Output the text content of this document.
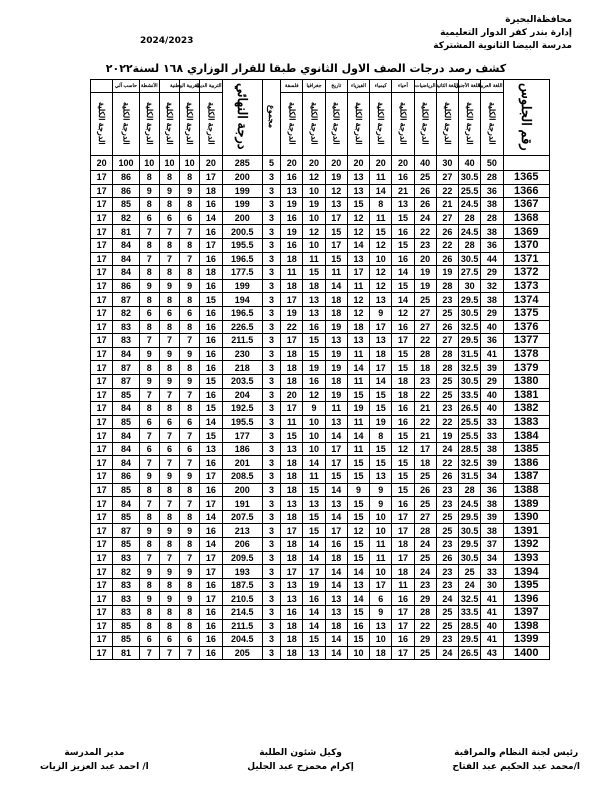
محافظةالبحيرة
إدارة بندر كفر الدوار التعليمية
مدرسة البيضا الثانوية المشتركة
2024/2023
كشف رصد درجات الصف الاول الثانوي طبقا للقرار الوزاري ١٦٨ لسنة٢٠٢٢
رقم الجلوس	اللغة العربية	اللغة الأجنبي	اللغة الثانية	الرياضيات	أحياء	كيمياء	الفيزياء	تاريخ	جغرافيا	فلسفة	مجموع	درجة النهائي	التربية الدينية	التربية الوطنية		الأنشطة	حاسب آلي	
	الدرجة الكلية	الدرجة الكلية	الدرجة الكلية	الدرجة الكلية	الدرجة الكلية	الدرجة الكلية	الدرجة الكلية	الدرجة الكلية	الدرجة الكلية	الدرجة الكلية			الدرجة الكلية	الدرجة الكلية	الدرجة الكلية	الدرجة الكلية	الدرجة الكلية	الدرجة الكلية
	50	40	30	40	20	20	20	20	20	20	5	285	20	10	10	10	100	20
1365	28	30.5	27	25	16	11	13	19	12	16	3	200	17	8	8	8	86	17
1366	36	25.5	22	26	21	14	13	12	10	13	3	199	18	9	9	9	86	17
1367	38	24.5	21	26	13	8	15	13	19	19	3	199	16	8	8	8	85	17
1368	28	28	27	24	15	11	12	17	10	16	3	200	14	6	6	6	82	17
1369	38	24.5	26	22	16	15	12	15	12	19	3	200.5	16	7	7	7	81	17
1370	36	28	22	23	15	12	14	17	10	16	3	195.5	17	8	8	8	84	17
1371	44	30.5	26	20	16	10	13	15	11	18	3	196.5	16	7	7	7	84	17
1372	29	27.5	19	19	14	12	17	11	15	11	3	177.5	18	8	8	8	84	17
1373	32	30	28	19	15	12	11	14	18	18	3	199	16	9	9	9	86	17
1374	38	29.5	23	25	14	13	12	18	13	17	3	194	15	8	8	8	87	17
1375	29	30.5	25	27	12	9	12	18	13	19	3	196.5	16	6	6	6	82	17
1376	40	32.5	26	27	16	17	18	19	16	22	3	226.5	16	8	8	8	83	17
1377	36	29.5	27	22	17	13	13	13	15	17	3	211.5	16	7	7	7	83	17
1378	41	31.5	28	28	15	18	11	19	15	18	3	230	16	9	9	9	84	17
1379	39	32.5	28	18	15	17	14	19	19	18	3	218	16	8	8	8	87	17
1380	29	30.5	25	23	18	14	11	18	16	18	3	203.5	15	9	9	9	87	17
1381	40	33.5	25	22	18	15	15	19	12	20	3	204	16	7	7	7	85	17
1382	40	26.5	23	21	16	15	19	11	9	17	3	192.5	15	8	8	8	84	17
1383	33	25.5	22	22	16	19	11	13	10	11	3	195.5	14	6	6	6	85	17
1384	33	25.5	19	21	15	8	14	14	10	15	3	177	15	7	7	7	84	17
1385	38	28.5	24	17	12	15	11	17	10	13	3	186	13	6	6	6	84	17
1386	39	32.5	22	18	15	15	15	17	14	18	3	201	16	7	7	7	84	17
1387	34	31.5	26	25	15	13	15	15	11	18	3	208.5	17	9	9	9	86	17
1388	36	28	23	26	15	9	9	14	15	18	3	200	16	8	8	8	85	17
1389	38	24.5	23	25	16	9	15	13	13	13	3	191	17	7	7	7	84	17
1390	39	29.5	25	27	17	10	15	14	15	18	3	207.5	14	8	8	8	85	17
1391	38	30.5	25	28	17	10	12	17	15	17	3	213	16	9	9	9	87	17
1392	37	29.5	23	24	18	11	15	16	14	18	3	206	14	8	8	8	85	17
1393	34	30.5	26	25	17	11	15	18	14	18	3	209.5	17	7	7	7	83	17
1394	33	25	23	24	18	10	14	14	17	17	3	193	17	9	9	9	82	17
1395	30	24	23	23	11	17	13	14	19	13	3	187.5	16	8	8	8	83	17
1396	41	32.5	24	29	16	6	14	13	16	13	3	210.5	17	9	9	9	83	17
1397	41	33.5	25	28	17	9	15	13	14	16	3	214.5	16	8	8	8	83	17
1398	40	28.5	25	22	17	13	16	18	14	18	3	211.5	16	8	8	8	85	17
1399	41	29.5	23	29	16	10	15	14	15	18	3	204.5	16	6	6	6	85	17
1400	43	26.5	24	25	17	18	10	14	13	18	3	205	16	7	7	7	81	17
رئيس لجنة النظام والمراقبة
ا/محمد عبد الحكيم عبد الفتاح
وكيل شئون الطلبة
إكرام محمزح عبد الجليل
مدير المدرسة
ا/ احمد عبد العزيز الزيات
